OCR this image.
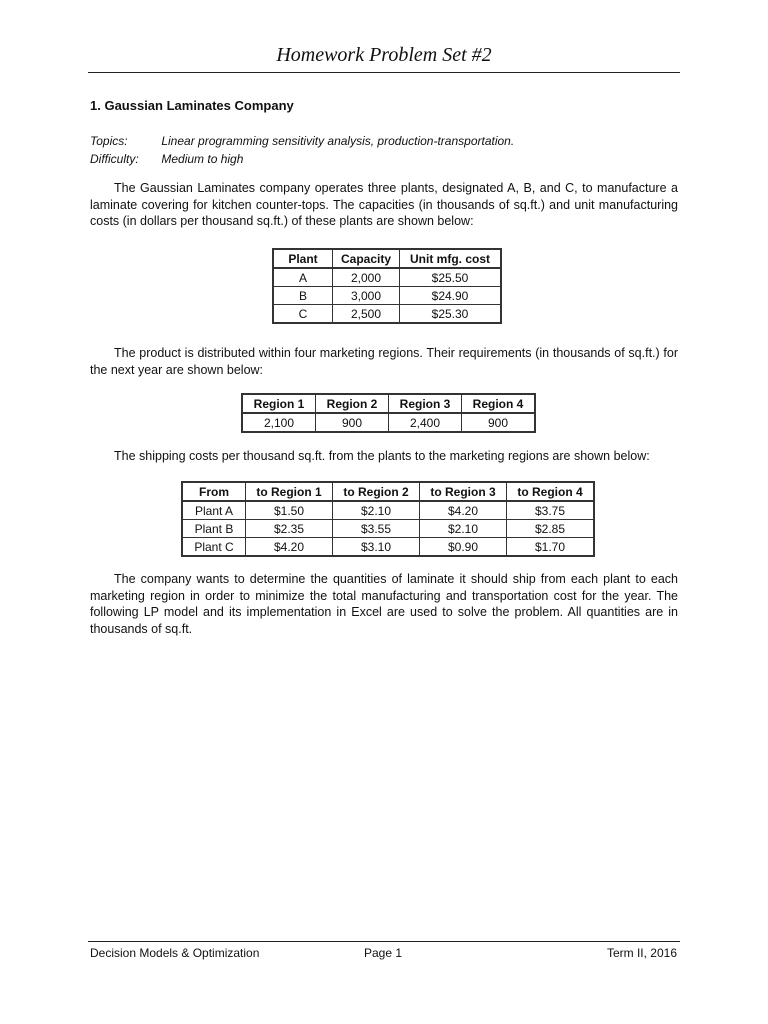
Homework Problem Set #2
1. Gaussian Laminates Company
Topics:	Linear programming sensitivity analysis, production-transportation.
Difficulty: Medium to high

The Gaussian Laminates company operates three plants, designated A, B, and C, to manufacture a laminate covering for kitchen counter-tops. The capacities (in thousands of sq.ft.) and unit manufacturing costs (in dollars per thousand sq.ft.) of these plants are shown below:

Plant	Capacity	Unit mfg. cost
A	2,000	$25.50
B	3,000	$24.90
C	2,500	$25.30

The product is distributed within four marketing regions. Their requirements (in thousands of sq.ft.) for the next year are shown below:

Region 1	Region 2	Region 3	Region 4
2,100	900	2,400	900

The shipping costs per thousand sq.ft. from the plants to the marketing regions are shown below:

From	to Region 1	to Region 2	to Region 3	to Region 4
Plant A	$1.50	$2.10	$4.20	$3.75
Plant B	$2.35	$3.55	$2.10	$2.85
Plant C	$4.20	$3.10	$0.90	$1.70

The company wants to determine the quantities of laminate it should ship from each plant to each marketing region in order to minimize the total manufacturing and transportation cost for the year. The following LP model and its implementation in Excel are used to solve the problem. All quantities are in thousands of sq.ft.

Decision Models & Optimization	Page 1	Term II, 2016
